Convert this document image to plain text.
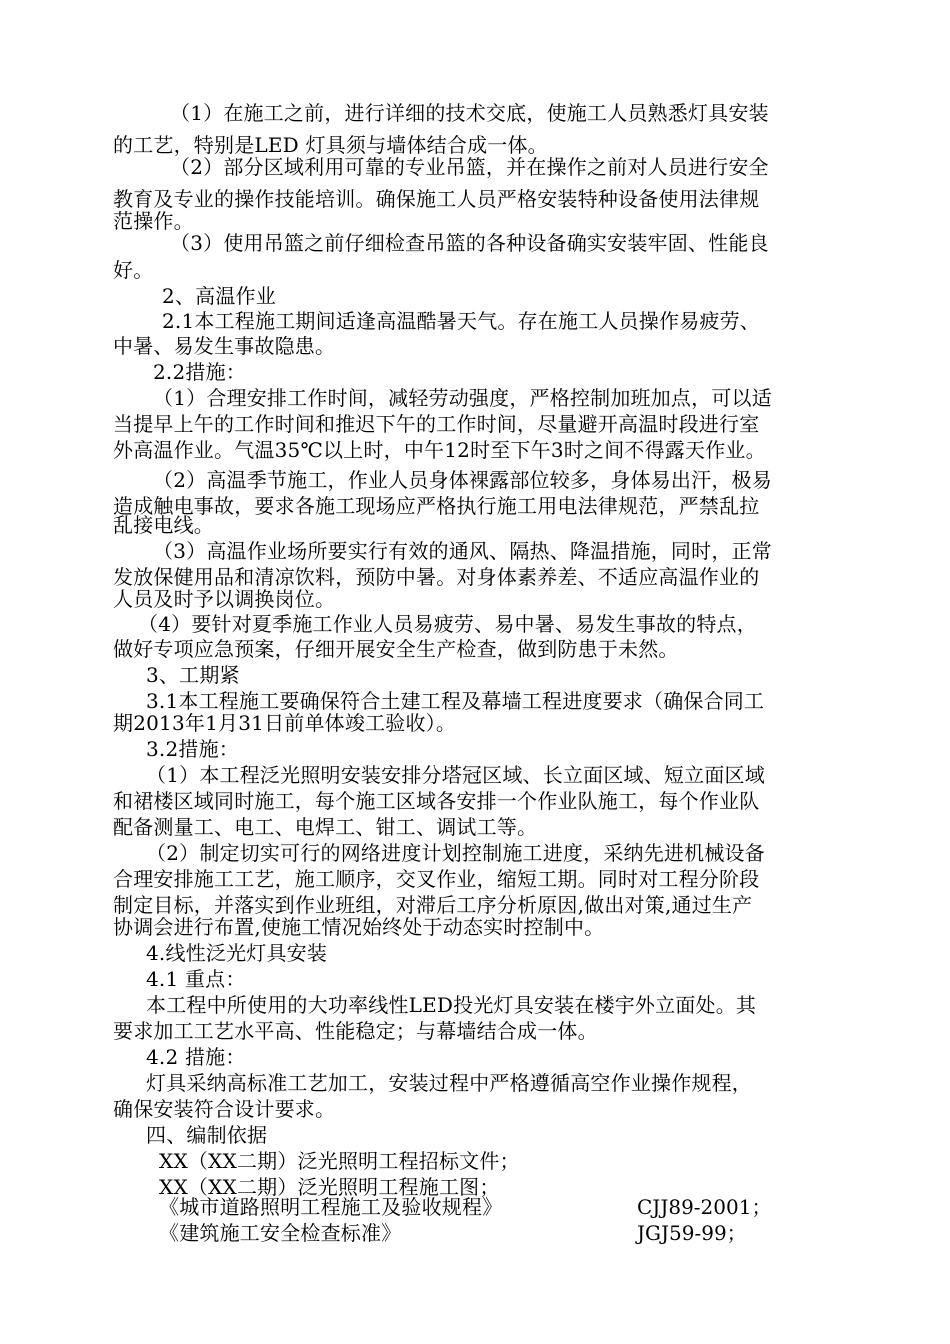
（1）在施工之前，进行详细的技术交底，使施工人员熟悉灯具安装
的工艺，特别是LED 灯具须与墙体结合成一体。
（2）部分区域利用可靠的专业吊篮，并在操作之前对人员进行安全
教育及专业的操作技能培训。确保施工人员严格安装特种设备使用法律规
范操作。
（3）使用吊篮之前仔细检查吊篮的各种设备确实安装牢固、性能良
好。
2、高温作业
2.1本工程施工期间适逢高温酷暑天气。存在施工人员操作易疲劳、
中暑、易发生事故隐患。
2.2措施：
（1）合理安排工作时间，减轻劳动强度，严格控制加班加点，可以适
当提早上午的工作时间和推迟下午的工作时间，尽量避开高温时段进行室
外高温作业。气温35℃以上时，中午12时至下午3时之间不得露天作业。
（2）高温季节施工，作业人员身体裸露部位较多，身体易出汗，极易
造成触电事故，要求各施工现场应严格执行施工用电法律规范，严禁乱拉
乱接电线。
（3）高温作业场所要实行有效的通风、隔热、降温措施，同时，正常
发放保健用品和清凉饮料，预防中暑。对身体素养差、不适应高温作业的
人员及时予以调换岗位。
（4）要针对夏季施工作业人员易疲劳、易中暑、易发生事故的特点，
做好专项应急预案，仔细开展安全生产检查，做到防患于未然。
3、工期紧
3.1本工程施工要确保符合土建工程及幕墙工程进度要求（确保合同工
期2013年1月31日前单体竣工验收）。
3.2措施：
（1）本工程泛光照明安装安排分塔冠区域、长立面区域、短立面区域
和裙楼区域同时施工，每个施工区域各安排一个作业队施工，每个作业队
配备测量工、电工、电焊工、钳工、调试工等。
（2）制定切实可行的网络进度计划控制施工进度，采纳先进机械设备
合理安排施工工艺，施工顺序，交叉作业，缩短工期。同时对工程分阶段
制定目标，并落实到作业班组，对滞后工序分析原因,做出对策,通过生产
协调会进行布置,使施工情况始终处于动态实时控制中。
4.线性泛光灯具安装
4.1 重点：
本工程中所使用的大功率线性LED投光灯具安装在楼宇外立面处。其
要求加工工艺水平高、性能稳定；与幕墙结合成一体。
4.2 措施：
灯具采纳高标准工艺加工，安装过程中严格遵循高空作业操作规程，
确保安装符合设计要求。
四、编制依据
XX（XX二期）泛光照明工程招标文件；
XX（XX二期）泛光照明工程施工图；
《城市道路照明工程施工及验收规程》	CJJ89-2001；
《建筑施工安全检查标准》	JGJ59-99；
